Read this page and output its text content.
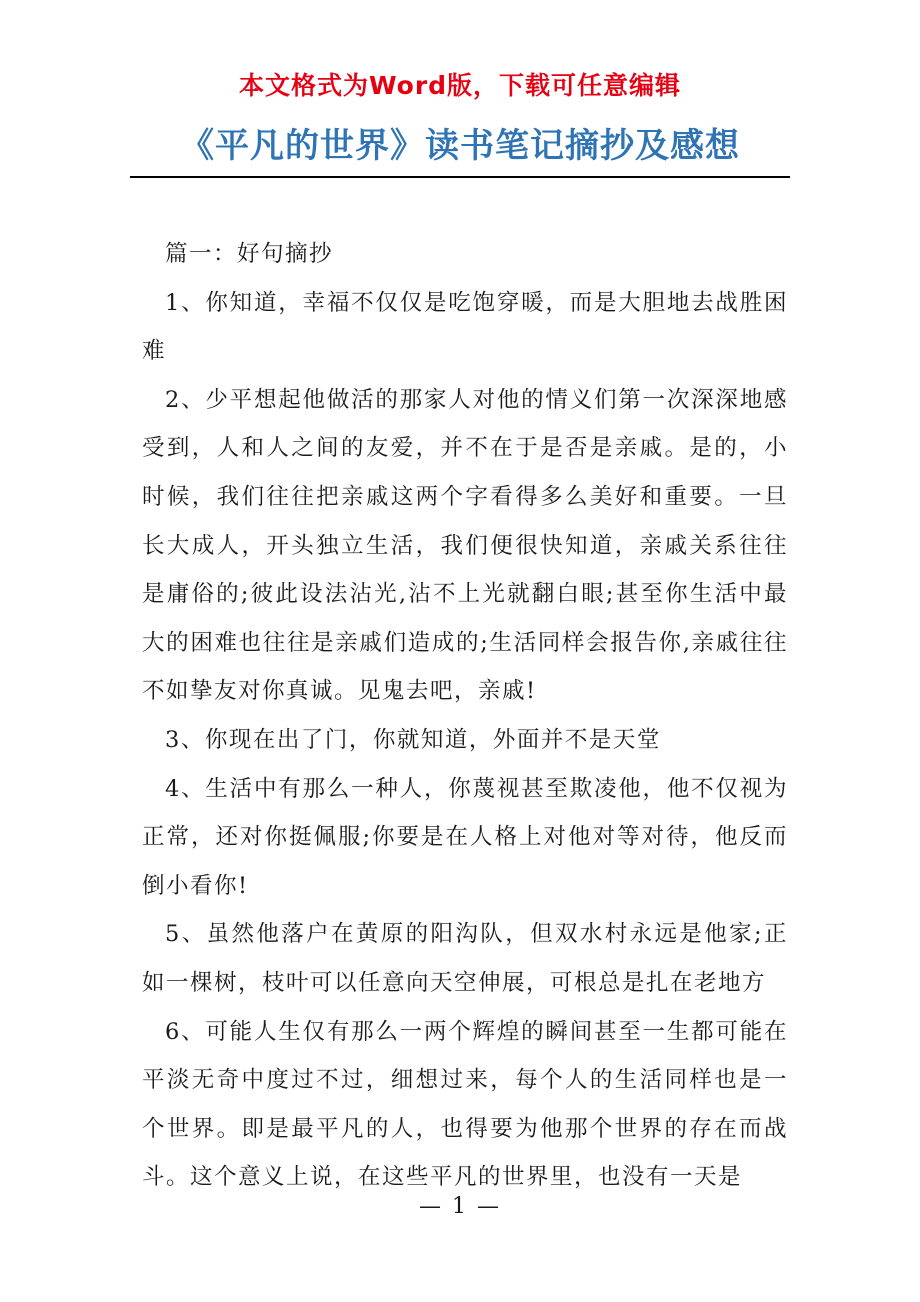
本文格式为Word版，下载可任意编辑
《平凡的世界》读书笔记摘抄及感想

篇一：好句摘抄

1、你知道，幸福不仅仅是吃饱穿暖，而是大胆地去战胜困难

2、少平想起他做活的那家人对他的情义们第一次深深地感受到，人和人之间的友爱，并不在于是否是亲戚。是的，小时候，我们往往把亲戚这两个字看得多么美好和重要。一旦长大成人，开头独立生活，我们便很快知道，亲戚关系往往是庸俗的;彼此设法沾光,沾不上光就翻白眼;甚至你生活中最大的困难也往往是亲戚们造成的;生活同样会报告你,亲戚往往不如挚友对你真诚。见鬼去吧，亲戚!

3、你现在出了门，你就知道，外面并不是天堂

4、生活中有那么一种人，你蔑视甚至欺凌他，他不仅视为正常，还对你挺佩服;你要是在人格上对他对等对待，他反而倒小看你!

5、虽然他落户在黄原的阳沟队，但双水村永远是他家;正如一棵树，枝叶可以任意向天空伸展，可根总是扎在老地方

6、可能人生仅有那么一两个辉煌的瞬间甚至一生都可能在平淡无奇中度过不过，细想过来，每个人的生活同样也是一个世界。即是最平凡的人，也得要为他那个世界的存在而战斗。这个意义上说，在这些平凡的世界里，也没有一天是

— 1 —
